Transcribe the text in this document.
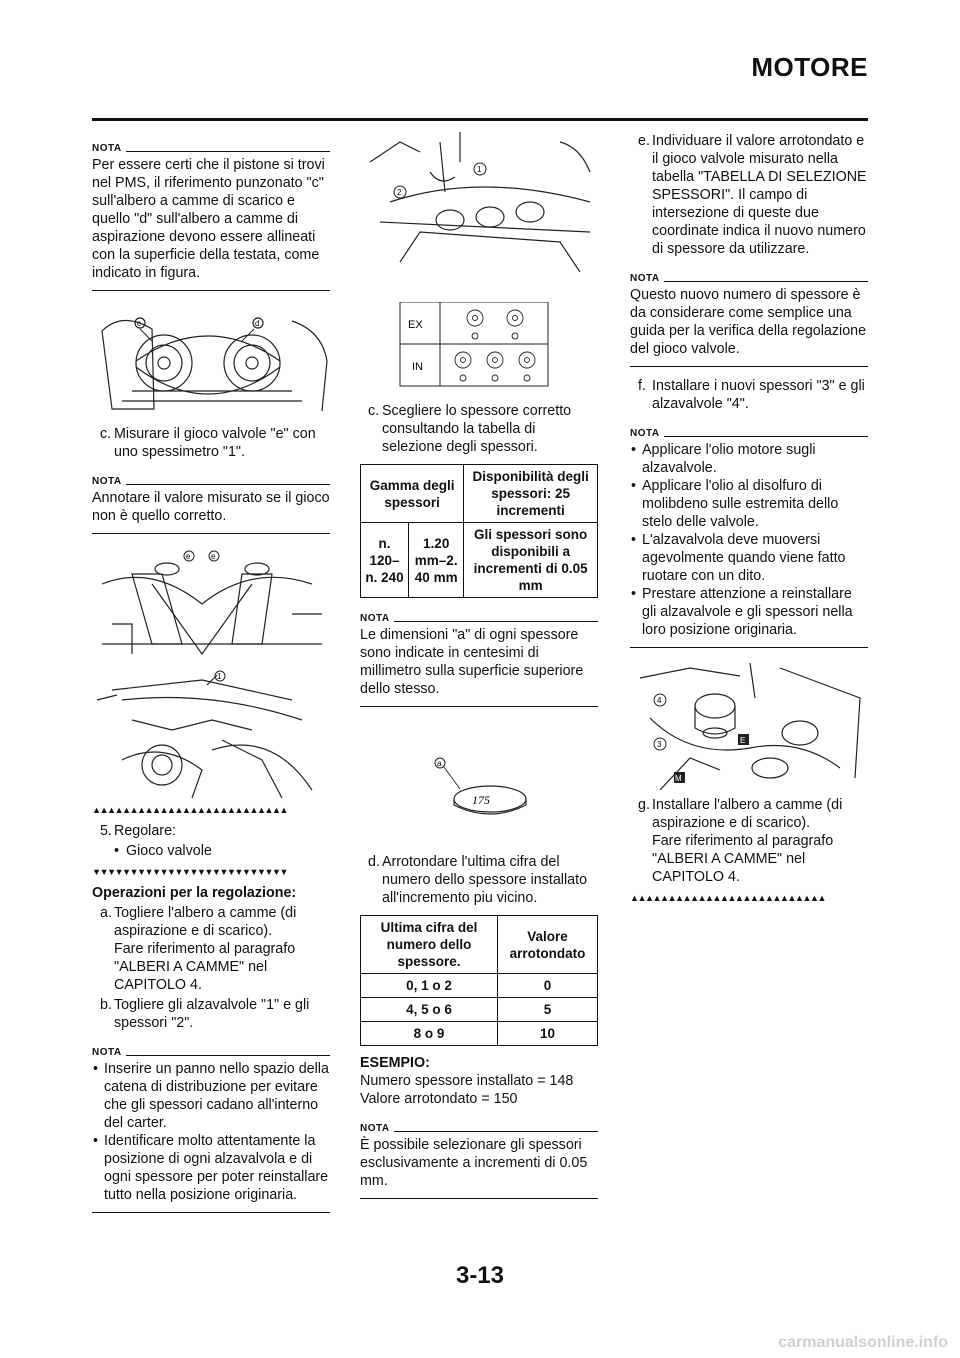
MOTORE
NOTA
Per essere certi che il pistone si trovi nel PMS, il riferimento punzonato "c" sull'albero a camme di scarico e quello "d" sull'albero a camme di aspirazione devono essere allineati con la superficie della testata, come indicato in figura.
c	d
c. Misurare il gioco valvole "e" con uno spessimetro "1".
NOTA
Annotare il valore misurato se il gioco non è quello corretto.
e	e
1
▲▲▲▲▲▲▲▲▲▲▲▲▲▲▲▲▲▲▲▲▲▲▲▲▲▲
5. Regolare:
• Gioco valvole
▼▼▼▼▼▼▼▼▼▼▼▼▼▼▼▼▼▼▼▼▼▼▼▼▼▼
Operazioni per la regolazione:
a. Togliere l'albero a camme (di aspirazione e di scarico).
Fare riferimento al paragrafo "ALBERI A CAMME" nel CAPITOLO 4.
b. Togliere gli alzavalvole "1" e gli spessori "2".
NOTA
• Inserire un panno nello spazio della catena di distribuzione per evitare che gli spessori cadano all'interno del carter.
• Identificare molto attentamente la posizione di ogni alzavalvola e di ogni spessore per poter reinstallare tutto nella posizione originaria.
1
2
EX
IN
c. Scegliere lo spessore corretto consultando la tabella di selezione degli spessori.
Gamma degli spessori		Disponibilità degli spessori: 25 incrementi
n. 120–n. 240	1.20 mm–2. 40 mm	Gli spessori sono disponibili a incrementi di 0.05 mm
NOTA
Le dimensioni "a" di ogni spessore sono indicate in centesimi di millimetro sulla superficie superiore dello stesso.
a
175
d. Arrotondare l'ultima cifra del numero dello spessore installato all'incremento piu vicino.
Ultima cifra del numero dello spessore.	Valore arrotondato
0, 1 o 2	0
4, 5 o 6	5
8 o 9	10
ESEMPIO:
Numero spessore installato = 148
Valore arrotondato = 150
NOTA
È possibile selezionare gli spessori esclusivamente a incrementi di 0.05 mm.
e. Individuare il valore arrotondato e il gioco valvole misurato nella tabella "TABELLA DI SELEZIONE SPESSORI". Il campo di intersezione di queste due coordinate indica il nuovo numero di spessore da utilizzare.
NOTA
Questo nuovo numero di spessore è da considerare come semplice una guida per la verifica della regolazione del gioco valvole.
f. Installare i nuovi spessori "3" e gli alzavalvole "4".
NOTA
• Applicare l'olio motore sugli alzavalvole.
• Applicare l'olio al disolfuro di molibdeno sulle estremita dello stelo delle valvole.
• L'alzavalvola deve muoversi agevolmente quando viene fatto ruotare con un dito.
• Prestare attenzione a reinstallare gli alzavalvole e gli spessori nella loro posizione originaria.
4
3	E
M
g. Installare l'albero a camme (di aspirazione e di scarico).
Fare riferimento al paragrafo "ALBERI A CAMME" nel CAPITOLO 4.
▲▲▲▲▲▲▲▲▲▲▲▲▲▲▲▲▲▲▲▲▲▲▲▲▲▲
3-13
carmanualsonline.info
